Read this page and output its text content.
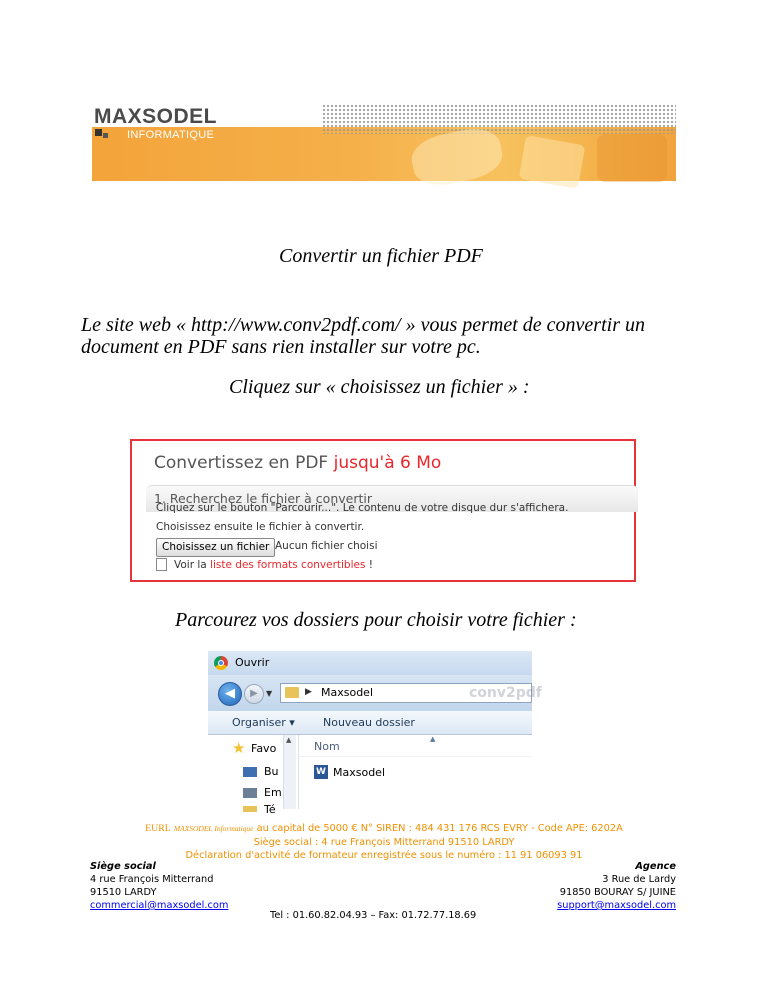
MAXSODEL
INFORMATIQUE
Convertir un fichier PDF
Le site web « http://www.conv2pdf.com/ » vous permet de convertir un
document en PDF sans rien installer sur votre pc.
Cliquez sur « choisissez un fichier » :
Convertissez en PDF jusqu'à 6 Mo
1. Recherchez le fichier à convertir
Cliquez sur le bouton "Parcourir...". Le contenu de votre disque dur s'affichera.
Choisissez ensuite le fichier à convertir.
Choisissez un fichier Aucun fichier choisi
Voir la liste des formats convertibles !
Parcourez vos dossiers pour choisir votre fichier :
Ouvrir
◀	▶	▼	▶ Maxsodel	conv2pdf
Organiser ▾	Nouveau dossier
▲
★ Favo
Bu
Em
Té
Nom
▲
W Maxsodel
EURL MAXSODEL Informatique au capital de 5000 € N° SIREN : 484 431 176 RCS EVRY - Code APE: 6202A
Siège social : 4 rue François Mitterrand 91510 LARDY
Déclaration d'activité de formateur enregistrée sous le numéro : 11 91 06093 91
Siège social
4 rue François Mitterrand
91510 LARDY
commercial@maxsodel.com
Agence
3 Rue de Lardy
91850 BOURAY S/ JUINE
support@maxsodel.com
Tel : 01.60.82.04.93 – Fax: 01.72.77.18.69
